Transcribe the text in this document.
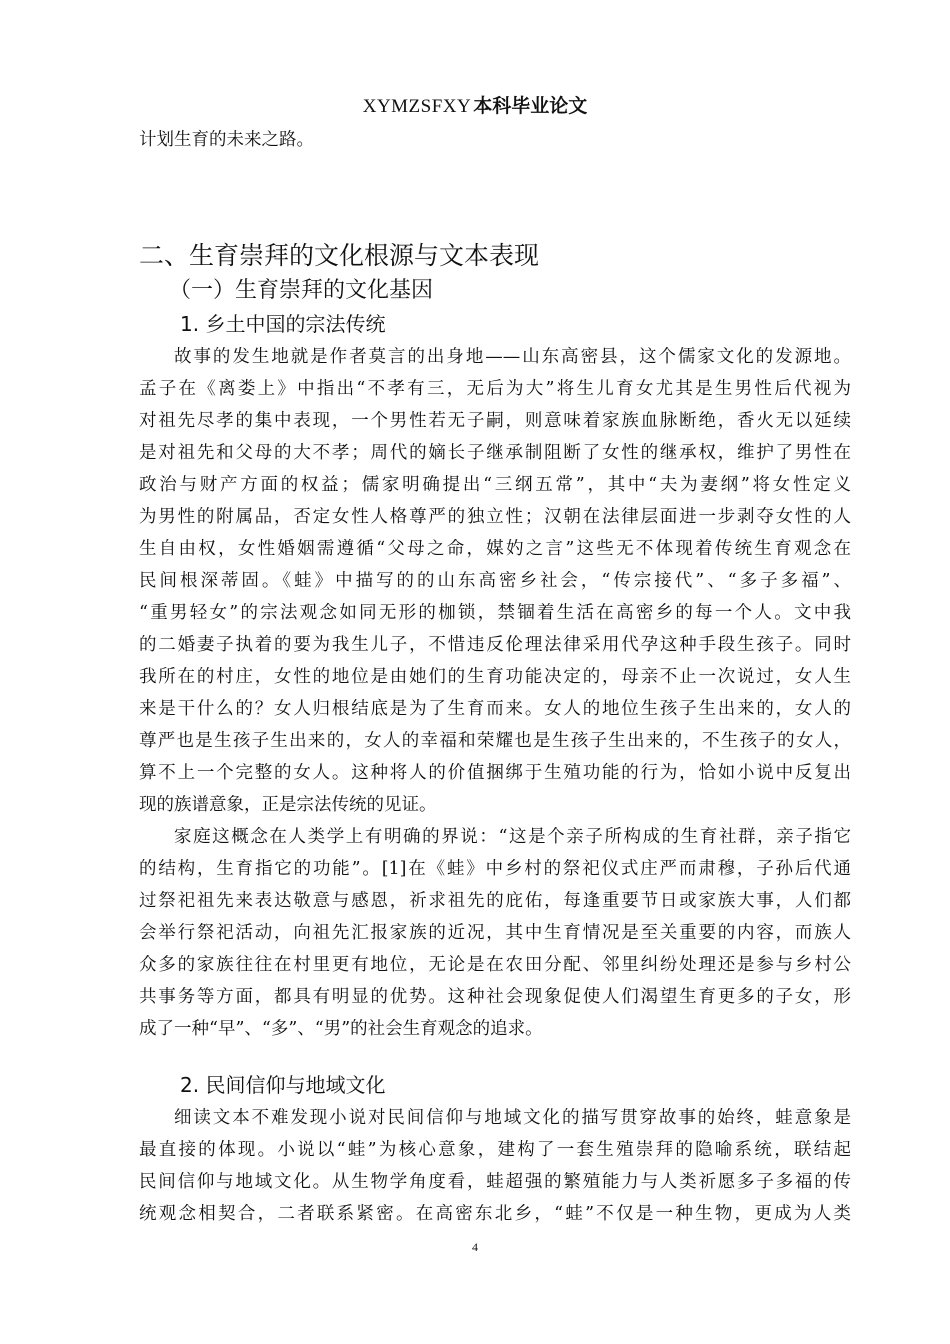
XYMZSFXY 本科毕业论文

计划生育的未来之路。

二、生育崇拜的文化根源与文本表现
（一）生育崇拜的文化基因
1. 乡土中国的宗法传统

故事的发生地就是作者莫言的出身地——山东高密县，这个儒家文化的发源地。

孟子在《离娄上》中指出“不孝有三，无后为大”将生儿育女尤其是生男性后代视为

对祖先尽孝的集中表现，一个男性若无子嗣，则意味着家族血脉断绝，香火无以延续

是对祖先和父母的大不孝；周代的嫡长子继承制阻断了女性的继承权，维护了男性在

政治与财产方面的权益；儒家明确提出“三纲五常”，其中“夫为妻纲”将女性定义

为男性的附属品，否定女性人格尊严的独立性；汉朝在法律层面进一步剥夺女性的人

生自由权，女性婚姻需遵循“父母之命，媒妁之言”这些无不体现着传统生育观念在

民间根深蒂固。《蛙》中描写的的山东高密乡社会，“传宗接代”、“多子多福”、

“重男轻女”的宗法观念如同无形的枷锁，禁锢着生活在高密乡的每一个人。文中我

的二婚妻子执着的要为我生儿子，不惜违反伦理法律采用代孕这种手段生孩子。同时

我所在的村庄，女性的地位是由她们的生育功能决定的，母亲不止一次说过，女人生

来是干什么的？女人归根结底是为了生育而来。女人的地位生孩子生出来的，女人的

尊严也是生孩子生出来的，女人的幸福和荣耀也是生孩子生出来的，不生孩子的女人，

算不上一个完整的女人。这种将人的价值捆绑于生殖功能的行为，恰如小说中反复出

现的族谱意象，正是宗法传统的见证。

家庭这概念在人类学上有明确的界说：“这是个亲子所构成的生育社群，亲子指它

的结构，生育指它的功能”。[1]在《蛙》中乡村的祭祀仪式庄严而肃穆，子孙后代通

过祭祀祖先来表达敬意与感恩，祈求祖先的庇佑，每逢重要节日或家族大事，人们都

会举行祭祀活动，向祖先汇报家族的近况，其中生育情况是至关重要的内容，而族人

众多的家族往往在村里更有地位，无论是在农田分配、邻里纠纷处理还是参与乡村公

共事务等方面，都具有明显的优势。这种社会现象促使人们渴望生育更多的子女，形

成了一种“早”、“多”、“男”的社会生育观念的追求。

2. 民间信仰与地域文化

细读文本不难发现小说对民间信仰与地域文化的描写贯穿故事的始终，蛙意象是

最直接的体现。小说以“蛙”为核心意象，建构了一套生殖崇拜的隐喻系统，联结起

民间信仰与地域文化。从生物学角度看，蛙超强的繁殖能力与人类祈愿多子多福的传

统观念相契合，二者联系紧密。在高密东北乡，“蛙”不仅是一种生物，更成为人类

4
